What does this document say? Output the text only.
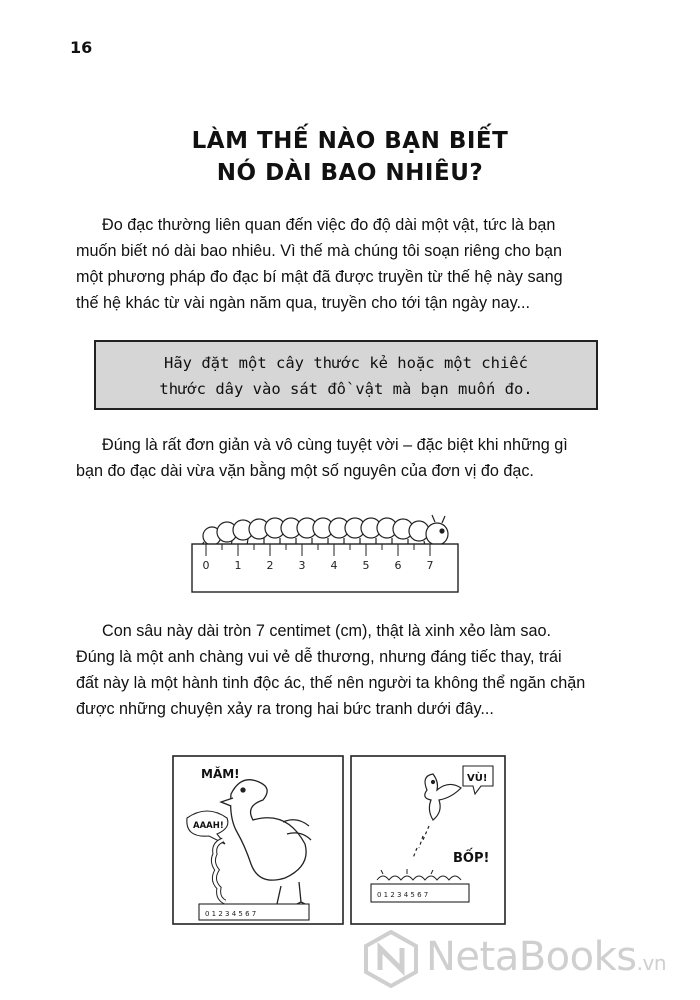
16
LÀM THẾ NÀO BẠN BIẾT
NÓ DÀI BAO NHIÊU?

Đo đạc thường liên quan đến việc đo độ dài một vật, tức là bạn

muốn biết nó dài bao nhiêu. Vì thế mà chúng tôi soạn riêng cho bạn

một phương pháp đo đạc bí mật đã được truyền từ thế hệ này sang

thế hệ khác từ vài ngàn năm qua, truyền cho tới tận ngày nay...

Hãy đặt một cây thước kẻ hoặc một chiếc
thước dây vào sát đồ vật mà bạn muốn đo.

Đúng là rất đơn giản và vô cùng tuyệt vời – đặc biệt khi những gì

bạn đo đạc dài vừa vặn bằng một số nguyên của đơn vị đo đạc.

0 1 2 3 4 5 6 7

Con sâu này dài tròn 7 centimet (cm), thật là xinh xẻo làm sao.

Đúng là một anh chàng vui vẻ dễ thương, nhưng đáng tiếc thay, trái

đất này là một hành tinh độc ác, thế nên người ta không thể ngăn chặn

được những chuyện xảy ra trong hai bức tranh dưới đây...

MĂM!
AAAH!
0 1 2 3 4 5 6 7
VÙ!
BỐP!
0 1 2 3 4 5 6 7
NetaBooks.vn
